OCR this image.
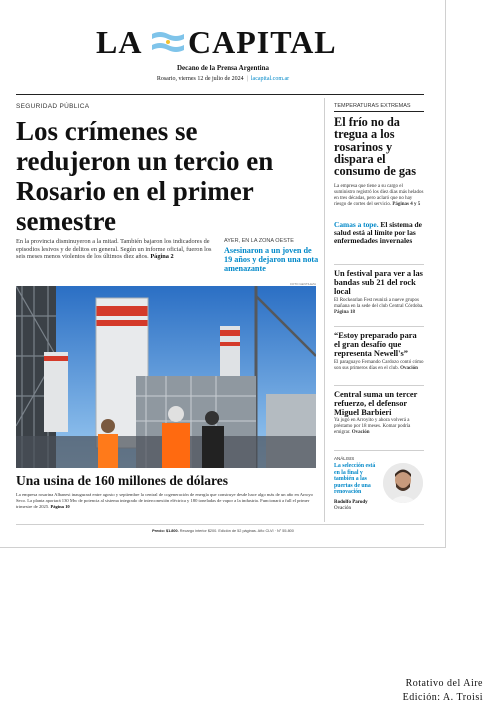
LA CAPITAL
Decano de la Prensa Argentina
Rosario, viernes 12 de julio de 2024 | lacapital.com.ar
SEGURIDAD PÚBLICA
Los crímenes se redujeron un tercio en Rosario en el primer semestre

En la provincia disminuyeron a la mitad. También bajaron los indicadores de episodios lesivos y de delitos en general. Según un informe oficial, fueron los seis meses menos violentos de los últimos diez años. Página 2

AYER, EN LA ZONA OESTE
Asesinaron a un joven de 19 años y dejaron una nota amenazante
FOTO GENTILEZA
Una usina de 160 millones de dólares

La empresa rosarina Albanesi inaugurará entre agosto y septiembre la central de cogeneración de energía que construye desde hace algo más de un año en Arroyo Seco. La planta aportará 130 Mw de potencia al sistema integrado de interconexión eléctrica y 180 toneladas de vapor a la industria. Funcionará a full el primer trimestre de 2025. Página 10

TEMPERATURAS EXTREMAS
El frío no da tregua a los rosarinos y dispara el consumo de gas

La empresa que tiene a su cargo el suministro registró los diez días más helados en tres décadas, pero aclaró que no hay riesgo de cortes del servicio. Páginas 4 y 5

Camas a tope. El sistema de salud está al límite por las enfermedades invernales
Un festival para ver a las bandas sub 21 del rock local

El Rockearlan Fest reunirá a nueve grupos mañana en la sede del club Central Córdoba. Página 18

“Estoy preparado para el gran desafío que representa Newell's”

El paraguayo Fernando Cardozo contó cómo son sus primeros días en el club. Ovación

Central suma un tercer refuerzo, el defensor Miguel Barbieri

Ya jugó en Arroyito y ahora volverá a préstamo por 18 meses. Komar podría emigrar. Ovación

ANÁLISIS
La selección está en la final y también a las puertas de una renovación

Rodolfo Parody
Ovación

Precio: $1.800. Recargo interior $200. Edición de 52 páginas. Año CLVI · N° 55.800
Rotativo del Aire
Edición: A. Troisi
